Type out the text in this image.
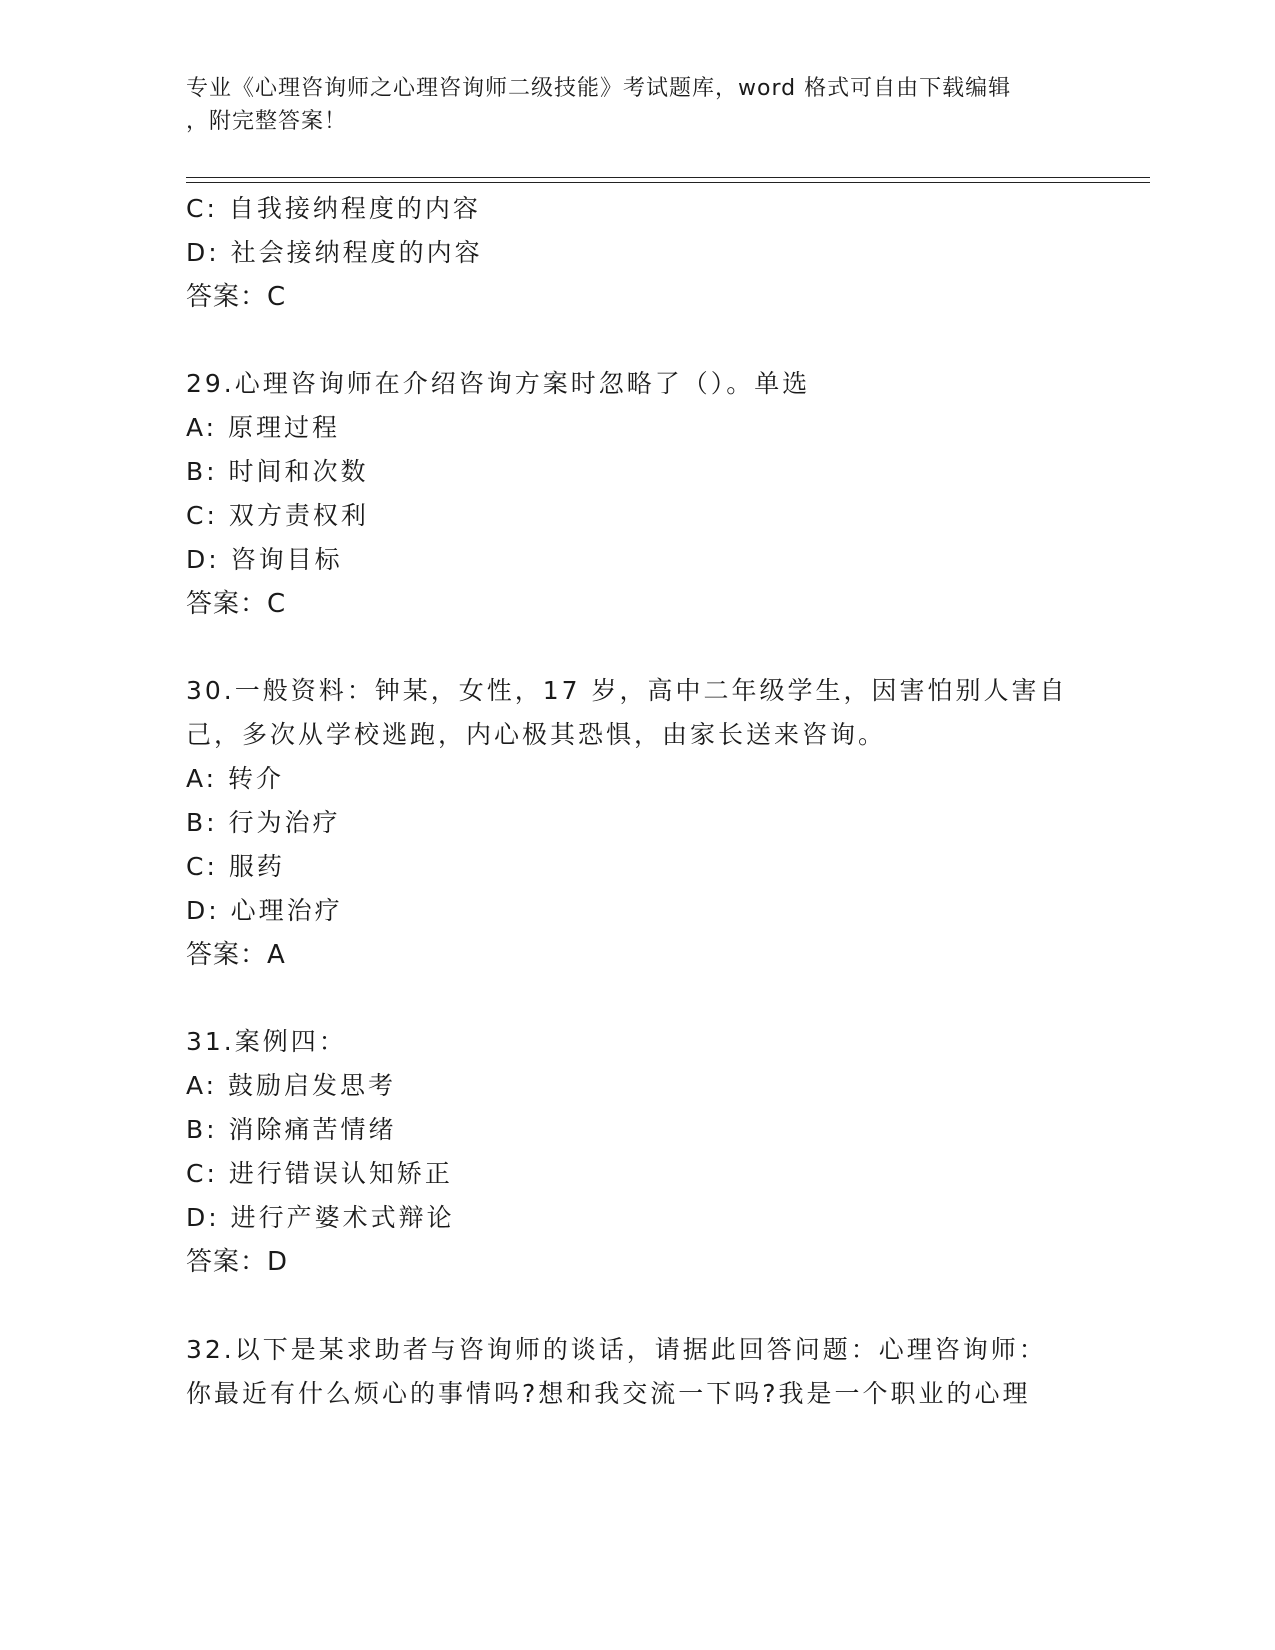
专业《心理咨询师之心理咨询师二级技能》考试题库，word 格式可自由下载编辑
，附完整答案！
C: 自我接纳程度的内容
D: 社会接纳程度的内容
答案：C
29.心理咨询师在介绍咨询方案时忽略了（）。单选
A: 原理过程
B: 时间和次数
C: 双方责权利
D: 咨询目标
答案：C
30.一般资料：钟某，女性，17 岁，高中二年级学生，因害怕别人害自
己，多次从学校逃跑，内心极其恐惧，由家长送来咨询。
A: 转介
B: 行为治疗
C: 服药
D: 心理治疗
答案：A
31.案例四：
A: 鼓励启发思考
B: 消除痛苦情绪
C: 进行错误认知矫正
D: 进行产婆术式辩论
答案：D
32.以下是某求助者与咨询师的谈话，请据此回答问题：心理咨询师：
你最近有什么烦心的事情吗?想和我交流一下吗?我是一个职业的心理
